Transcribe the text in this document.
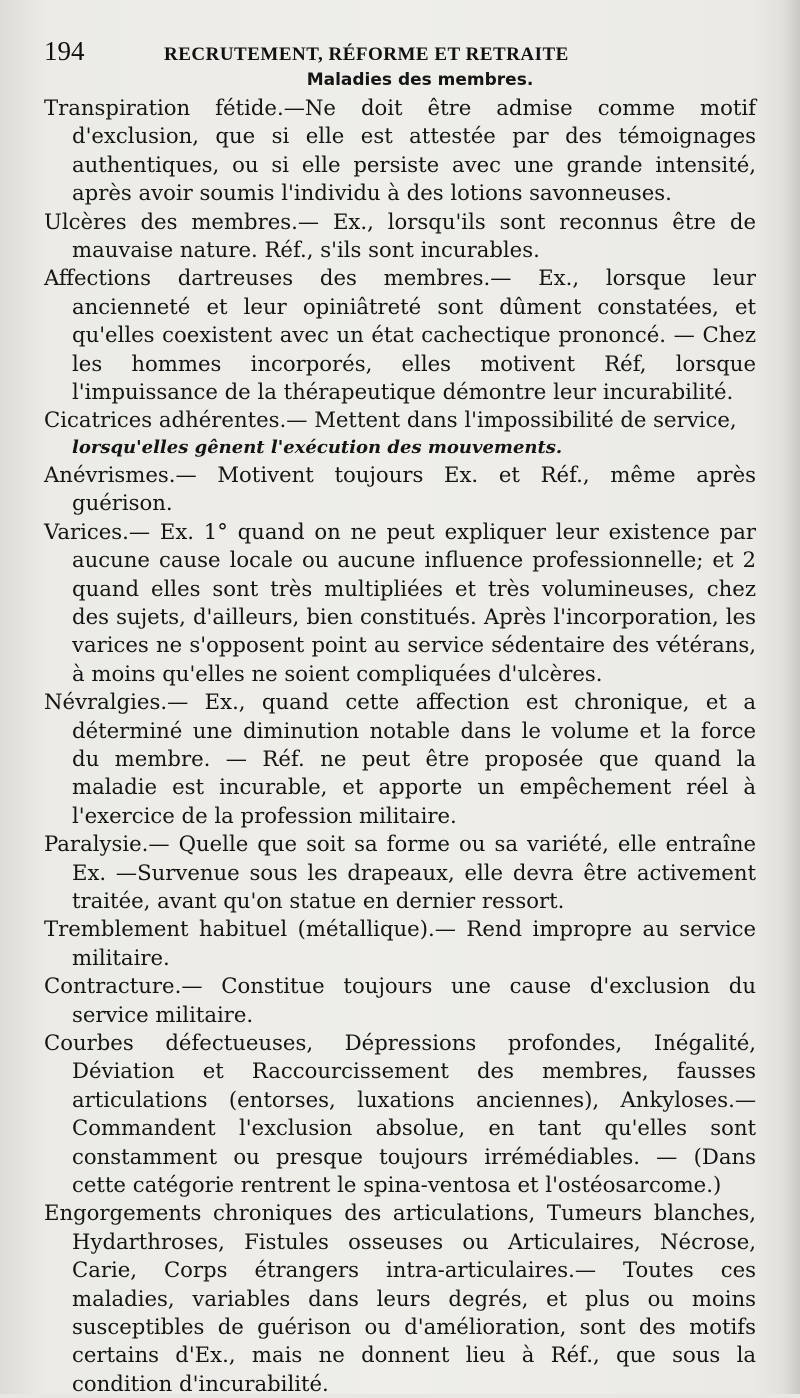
194	RECRUTEMENT, RÉFORME ET RETRAITE
Maladies des membres.

Transpiration fétide.—Ne doit être admise comme motif d'exclusion, que si elle est attestée par des témoignages authentiques, ou si elle persiste avec une grande intensité, après avoir soumis l'individu à des lotions savonneuses.

Ulcères des membres.— Ex., lorsqu'ils sont reconnus être de mauvaise nature. Réf., s'ils sont incurables.

Affections dartreuses des membres.— Ex., lorsque leur ancienneté et leur opiniâtreté sont dûment constatées, et qu'elles coexistent avec un état cachectique prononcé. — Chez les hommes incorporés, elles motivent Réf, lorsque l'impuissance de la thérapeutique démontre leur incurabilité.

Cicatrices adhérentes.— Mettent dans l'impossibilité de service,

lorsqu'elles gênent l'exécution des mouvements.

Anévrismes.— Motivent toujours Ex. et Réf., même après guérison.

Varices.— Ex. 1° quand on ne peut expliquer leur existence par aucune cause locale ou aucune influence professionnelle; et 2 quand elles sont très multipliées et très volumineuses, chez des sujets, d'ailleurs, bien constitués. Après l'incorporation, les varices ne s'opposent point au service sédentaire des vétérans, à moins qu'elles ne soient compliquées d'ulcères.

Névralgies.— Ex., quand cette affection est chronique, et a déterminé une diminution notable dans le volume et la force du membre. — Réf. ne peut être proposée que quand la maladie est incurable, et apporte un empêchement réel à l'exercice de la profession militaire.

Paralysie.— Quelle que soit sa forme ou sa variété, elle entraîne Ex. —Survenue sous les drapeaux, elle devra être activement traitée, avant qu'on statue en dernier ressort.

Tremblement habituel (métallique).— Rend impropre au service militaire.

Contracture.— Constitue toujours une cause d'exclusion du service militaire.

Courbes défectueuses, Dépressions profondes, Inégalité, Déviation et Raccourcissement des membres, fausses articulations (entorses, luxations anciennes), Ankyloses.— Commandent l'exclusion absolue, en tant qu'elles sont constamment ou presque toujours irrémédiables. — (Dans cette catégorie rentrent le spina-ventosa et l'ostéosarcome.)

Engorgements chroniques des articulations, Tumeurs blanches, Hydarthroses, Fistules osseuses ou Articulaires, Nécrose, Carie, Corps étrangers intra-articulaires.— Toutes ces maladies, variables dans leurs degrés, et plus ou moins susceptibles de guérison ou d'amélioration, sont des motifs certains d'Ex., mais ne donnent lieu à Réf., que sous la condition d'incurabilité.
